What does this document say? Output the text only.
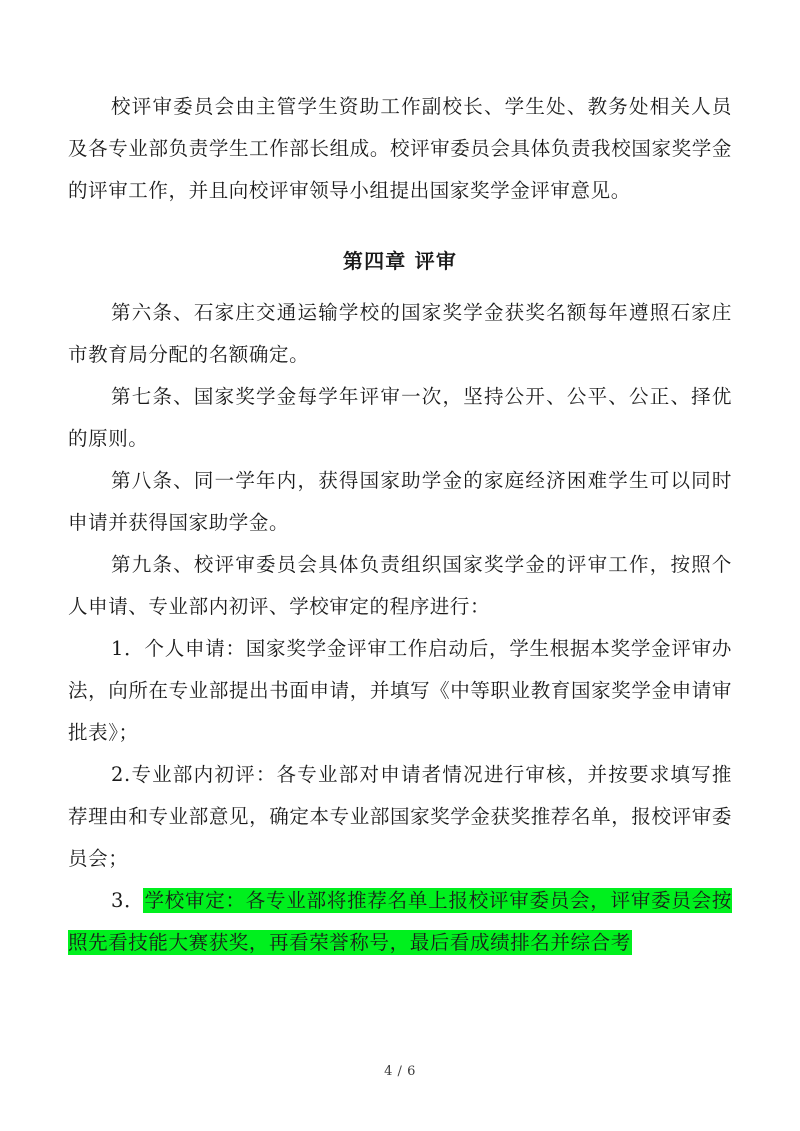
校评审委员会由主管学生资助工作副校长、学生处、教务处相关人员及各专业部负责学生工作部长组成。校评审委员会具体负责我校国家奖学金的评审工作，并且向校评审领导小组提出国家奖学金评审意见。

第四章 评审

第六条、石家庄交通运输学校的国家奖学金获奖名额每年遵照石家庄市教育局分配的名额确定。

第七条、国家奖学金每学年评审一次，坚持公开、公平、公正、择优的原则。

第八条、同一学年内，获得国家助学金的家庭经济困难学生可以同时申请并获得国家助学金。

第九条、校评审委员会具体负责组织国家奖学金的评审工作，按照个人申请、专业部内初评、学校审定的程序进行：

1．个人申请：国家奖学金评审工作启动后，学生根据本奖学金评审办法，向所在专业部提出书面申请，并填写《中等职业教育国家奖学金申请审批表》；

2.专业部内初评：各专业部对申请者情况进行审核，并按要求填写推荐理由和专业部意见，确定本专业部国家奖学金获奖推荐名单，报校评审委员会；

3．学校审定：各专业部将推荐名单上报校评审委员会，评审委员会按照先看技能大赛获奖，再看荣誉称号，最后看成绩排名并综合考

4 / 6
